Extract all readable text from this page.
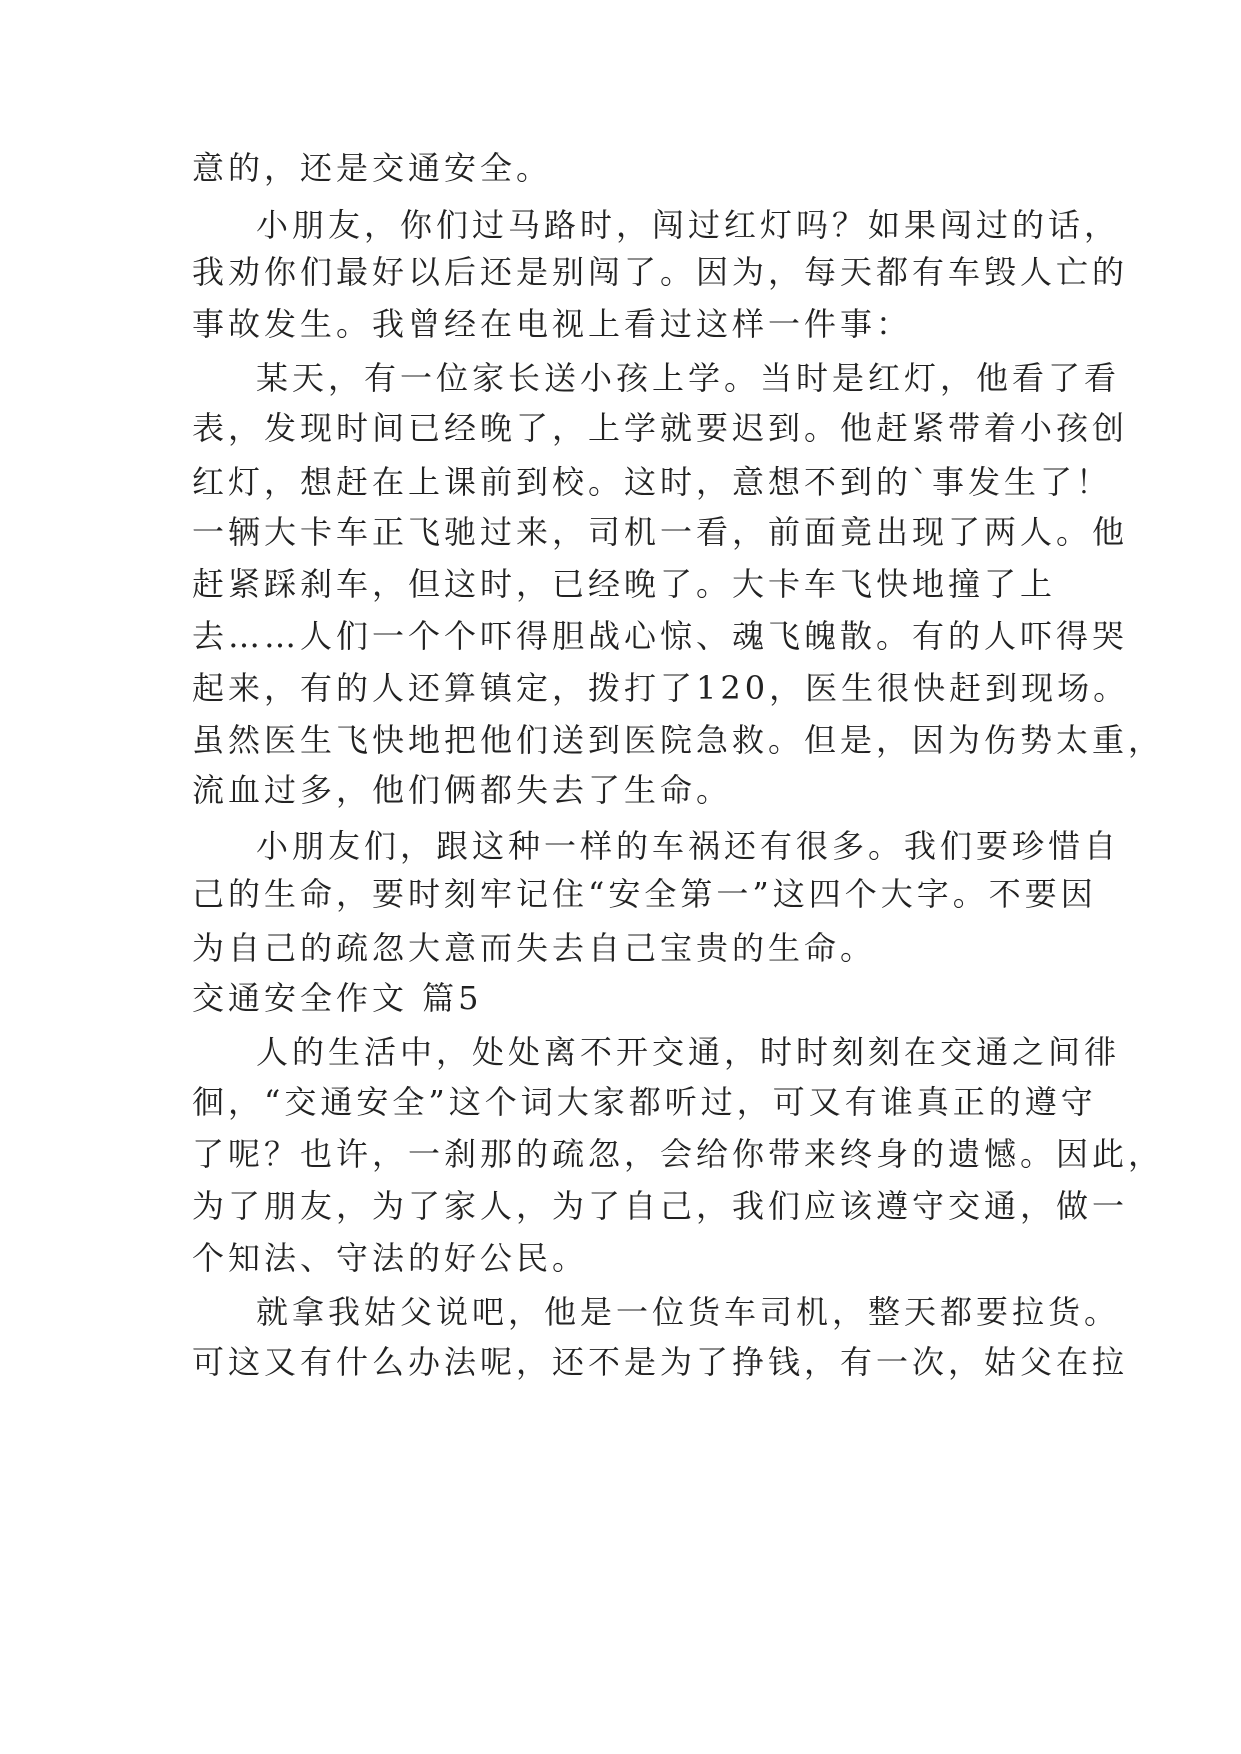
意的，还是交通安全。
小朋友，你们过马路时，闯过红灯吗？如果闯过的话，
我劝你们最好以后还是别闯了。因为，每天都有车毁人亡的
事故发生。我曾经在电视上看过这样一件事：
某天，有一位家长送小孩上学。当时是红灯，他看了看
表，发现时间已经晚了，上学就要迟到。他赶紧带着小孩创
红灯，想赶在上课前到校。这时，意想不到的`事发生了！
一辆大卡车正飞驰过来，司机一看，前面竟出现了两人。他
赶紧踩刹车，但这时，已经晚了。大卡车飞快地撞了上
去……人们一个个吓得胆战心惊、魂飞魄散。有的人吓得哭
起来，有的人还算镇定，拨打了120，医生很快赶到现场。
虽然医生飞快地把他们送到医院急救。但是，因为伤势太重，
流血过多，他们俩都失去了生命。
小朋友们，跟这种一样的车祸还有很多。我们要珍惜自
己的生命，要时刻牢记住“安全第一”这四个大字。不要因
为自己的疏忽大意而失去自己宝贵的生命。
交通安全作文 篇5
人的生活中，处处离不开交通，时时刻刻在交通之间徘
徊，“交通安全”这个词大家都听过，可又有谁真正的遵守
了呢？也许，一刹那的疏忽，会给你带来终身的遗憾。因此，
为了朋友，为了家人，为了自己，我们应该遵守交通，做一
个知法、守法的好公民。
就拿我姑父说吧，他是一位货车司机，整天都要拉货。
可这又有什么办法呢，还不是为了挣钱，有一次，姑父在拉
